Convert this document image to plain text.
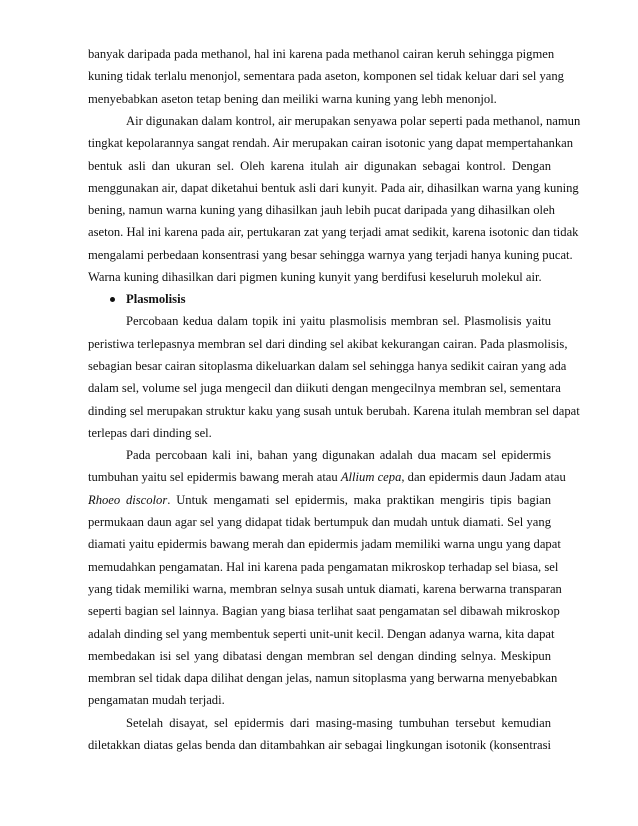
banyak daripada pada methanol, hal ini karena pada methanol cairan keruh sehingga pigmen
kuning tidak terlalu menonjol, sementara pada aseton, komponen sel tidak keluar dari sel yang
menyebabkan aseton tetap bening dan meiliki warna kuning yang lebh menonjol.
Air digunakan dalam kontrol, air merupakan senyawa polar seperti pada methanol, namun
tingkat kepolarannya sangat rendah. Air merupakan cairan isotonic yang dapat mempertahankan
bentuk asli dan ukuran sel. Oleh karena itulah air digunakan sebagai kontrol. Dengan
menggunakan air, dapat diketahui bentuk asli dari kunyit. Pada air, dihasilkan warna yang kuning
bening, namun warna kuning yang dihasilkan jauh lebih pucat daripada yang dihasilkan oleh
aseton. Hal ini karena pada air, pertukaran zat yang terjadi amat sedikit, karena isotonic dan tidak
mengalami perbedaan konsentrasi yang besar sehingga warnya yang terjadi hanya kuning pucat.
Warna kuning dihasilkan dari pigmen kuning kunyit yang berdifusi keseluruh molekul air.
Plasmolisis
Percobaan kedua dalam topik ini yaitu plasmolisis membran sel. Plasmolisis yaitu
peristiwa terlepasnya membran sel dari dinding sel akibat kekurangan cairan. Pada plasmolisis,
sebagian besar cairan sitoplasma dikeluarkan dalam sel sehingga hanya sedikit cairan yang ada
dalam sel, volume sel juga mengecil dan diikuti dengan mengecilnya membran sel, sementara
dinding sel merupakan struktur kaku yang susah untuk berubah. Karena itulah membran sel dapat
terlepas dari dinding sel.
Pada percobaan kali ini, bahan yang digunakan adalah dua macam sel epidermis
tumbuhan yaitu sel epidermis bawang merah atau Allium cepa, dan epidermis daun Jadam atau
Rhoeo discolor. Untuk mengamati sel epidermis, maka praktikan mengiris tipis bagian
permukaan daun agar sel yang didapat tidak bertumpuk dan mudah untuk diamati. Sel yang
diamati yaitu epidermis bawang merah dan epidermis jadam memiliki warna ungu yang dapat
memudahkan pengamatan. Hal ini karena pada pengamatan mikroskop terhadap sel biasa, sel
yang tidak memiliki warna, membran selnya susah untuk diamati, karena berwarna transparan
seperti bagian sel lainnya. Bagian yang biasa terlihat saat pengamatan sel dibawah mikroskop
adalah dinding sel yang membentuk seperti unit-unit kecil. Dengan adanya warna, kita dapat
membedakan isi sel yang dibatasi dengan membran sel dengan dinding selnya. Meskipun
membran sel tidak dapa dilihat dengan jelas, namun sitoplasma yang berwarna menyebabkan
pengamatan mudah terjadi.
Setelah disayat, sel epidermis dari masing-masing tumbuhan tersebut kemudian
diletakkan diatas gelas benda dan ditambahkan air sebagai lingkungan isotonik (konsentrasi
